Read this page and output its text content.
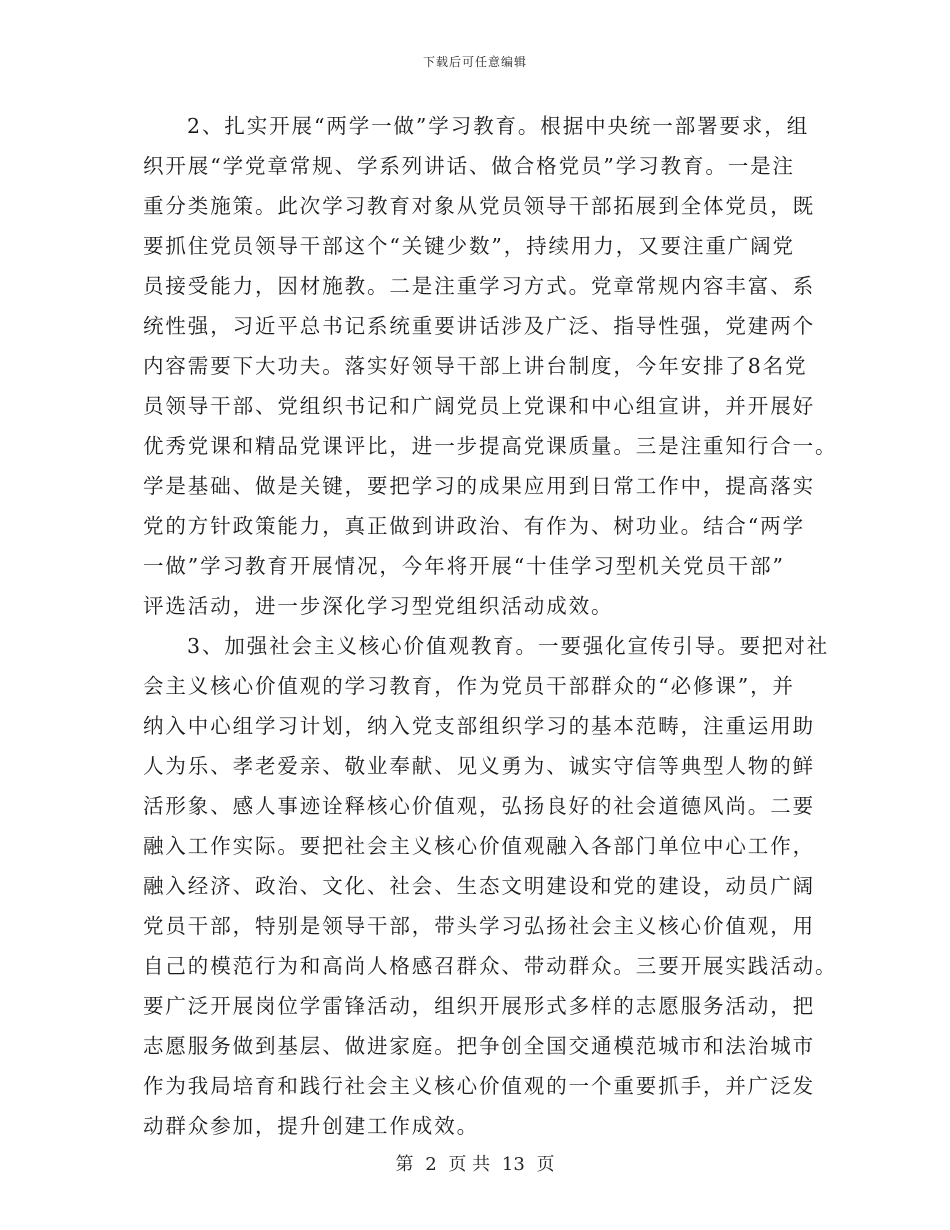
下载后可任意编辑
2、扎实开展“两学一做”学习教育。根据中央统一部署要求，组
织开展“学党章常规、学系列讲话、做合格党员”学习教育。一是注
重分类施策。此次学习教育对象从党员领导干部拓展到全体党员，既
要抓住党员领导干部这个“关键少数”，持续用力，又要注重广阔党
员接受能力，因材施教。二是注重学习方式。党章常规内容丰富、系
统性强，习近平总书记系统重要讲话涉及广泛、指导性强，党建两个
内容需要下大功夫。落实好领导干部上讲台制度，今年安排了8名党
员领导干部、党组织书记和广阔党员上党课和中心组宣讲，并开展好
优秀党课和精品党课评比，进一步提高党课质量。三是注重知行合一。
学是基础、做是关键，要把学习的成果应用到日常工作中，提高落实
党的方针政策能力，真正做到讲政治、有作为、树功业。结合“两学
一做”学习教育开展情况，今年将开展“十佳学习型机关党员干部”
评选活动，进一步深化学习型党组织活动成效。
3、加强社会主义核心价值观教育。一要强化宣传引导。要把对社
会主义核心价值观的学习教育，作为党员干部群众的“必修课”，并
纳入中心组学习计划，纳入党支部组织学习的基本范畴，注重运用助
人为乐、孝老爱亲、敬业奉献、见义勇为、诚实守信等典型人物的鲜
活形象、感人事迹诠释核心价值观，弘扬良好的社会道德风尚。二要
融入工作实际。要把社会主义核心价值观融入各部门单位中心工作，
融入经济、政治、文化、社会、生态文明建设和党的建设，动员广阔
党员干部，特别是领导干部，带头学习弘扬社会主义核心价值观，用
自己的模范行为和高尚人格感召群众、带动群众。三要开展实践活动。
要广泛开展岗位学雷锋活动，组织开展形式多样的志愿服务活动，把
志愿服务做到基层、做进家庭。把争创全国交通模范城市和法治城市
作为我局培育和践行社会主义核心价值观的一个重要抓手，并广泛发
动群众参加，提升创建工作成效。
第 2 页 共 13 页
